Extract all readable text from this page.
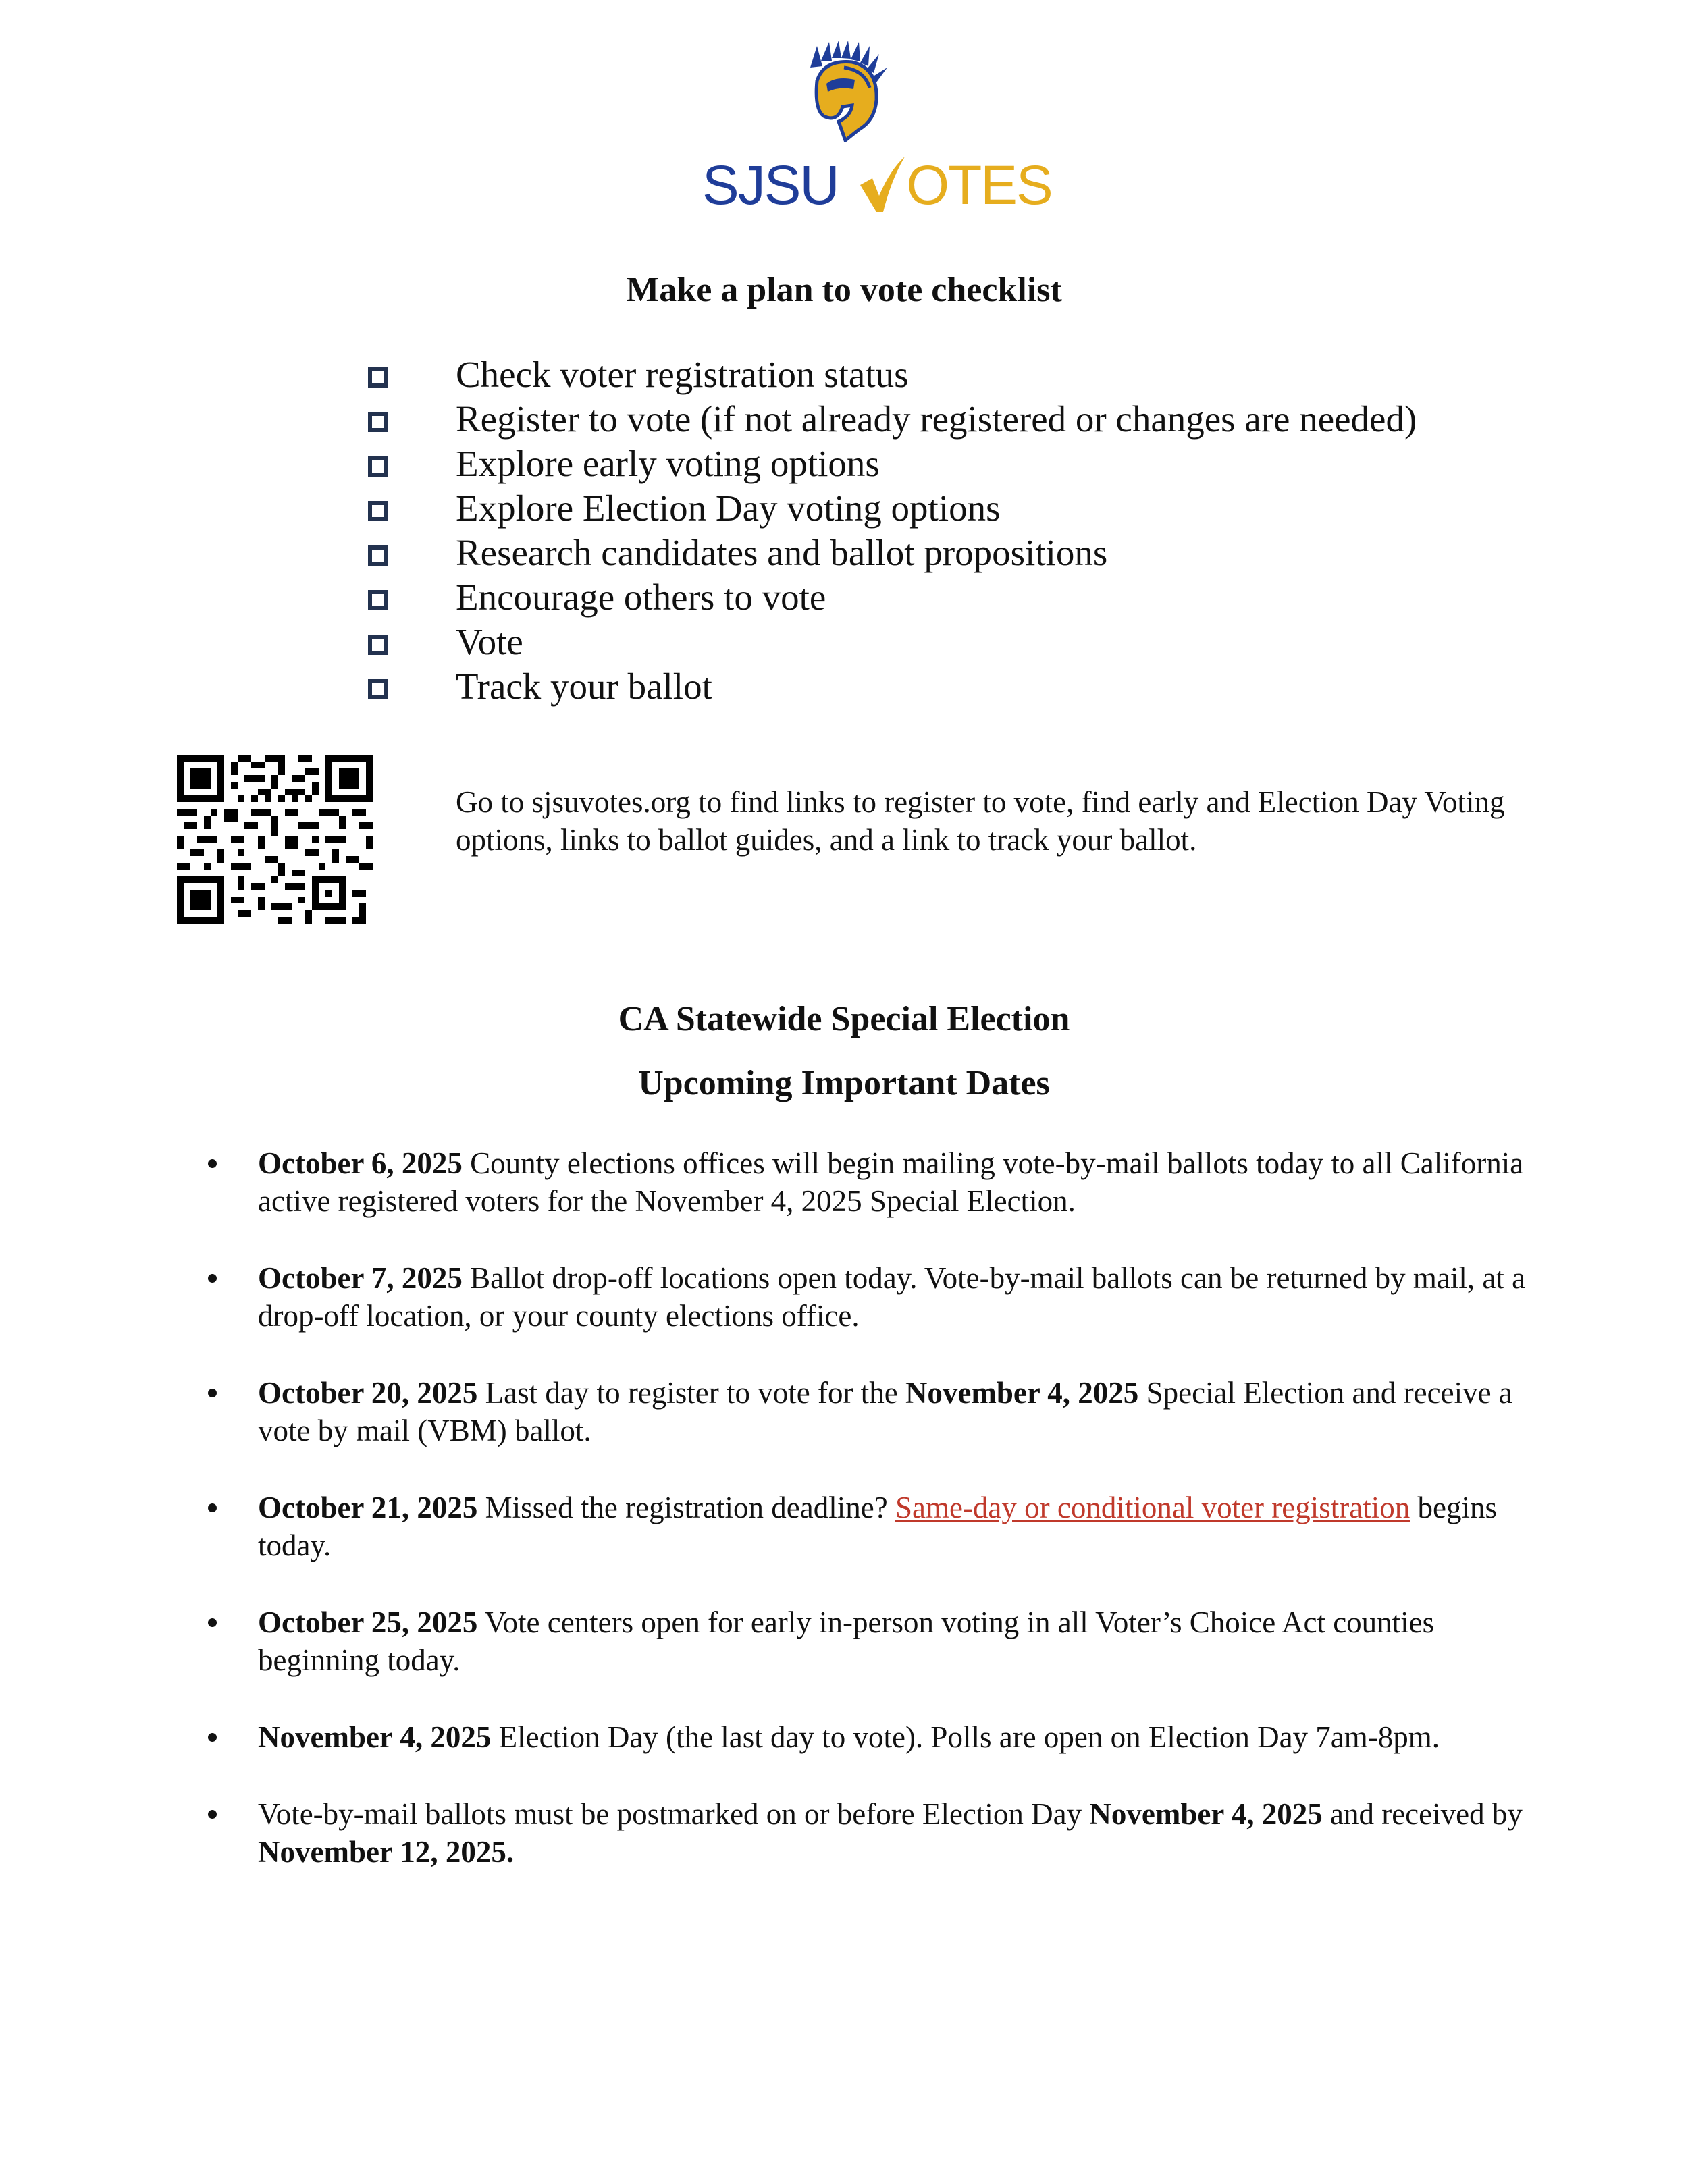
SJSU OTES
Make a plan to vote checklist
Check voter registration status
Register to vote (if not already registered or changes are needed)
Explore early voting options
Explore Election Day voting options
Research candidates and ballot propositions
Encourage others to vote
Vote
Track your ballot
Go to sjsuvotes.org to find links to register to vote, find early and Election Day Voting options, links to ballot guides, and a link to track your ballot.
CA Statewide Special Election
Upcoming Important Dates
October 6, 2025 County elections offices will begin mailing vote-by-mail ballots today to all California active registered voters for the November 4, 2025 Special Election.
October 7, 2025 Ballot drop-off locations open today. Vote-by-mail ballots can be returned by mail, at a drop-off location, or your county elections office.
October 20, 2025 Last day to register to vote for the November 4, 2025 Special Election and receive a vote by mail (VBM) ballot.
October 21, 2025 Missed the registration deadline? Same-day or conditional voter registration begins today.
October 25, 2025 Vote centers open for early in-person voting in all Voter’s Choice Act counties beginning today.
November 4, 2025 Election Day (the last day to vote). Polls are open on Election Day 7am-8pm.
Vote-by-mail ballots must be postmarked on or before Election Day November 4, 2025 and received by November 12, 2025.
